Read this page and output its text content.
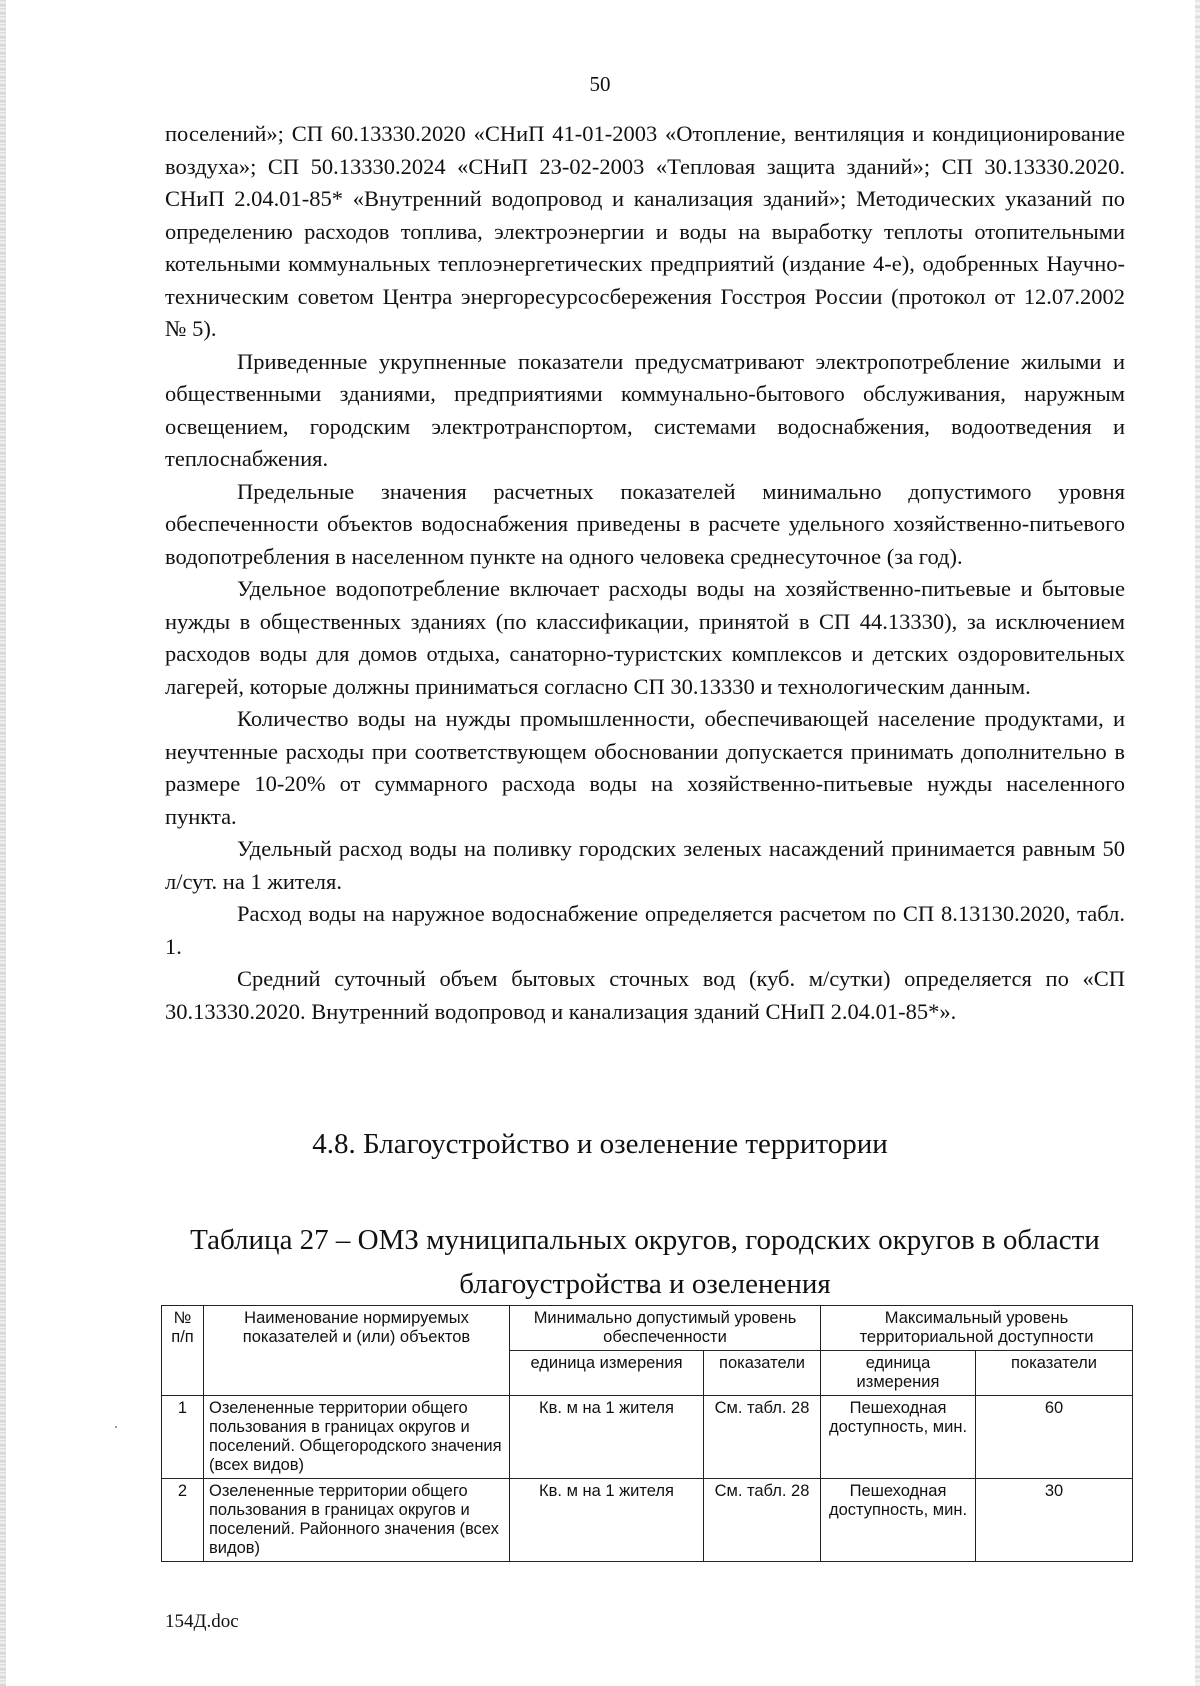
50

поселений»; СП 60.13330.2020 «СНиП 41-01-2003 «Отопление, вентиляция и кондиционирование воздуха»; СП 50.13330.2024 «СНиП 23-02-2003 «Тепловая защита зданий»; СП 30.13330.2020. СНиП 2.04.01-85* «Внутренний водопровод и канализация зданий»; Методических указаний по определению расходов топлива, электроэнергии и воды на выработку теплоты отопительными котельными коммунальных теплоэнергетических предприятий (издание 4-е), одобренных Научно-техническим советом Центра энергоресурсосбережения Госстроя России (протокол от 12.07.2002 № 5).

Приведенные укрупненные показатели предусматривают электропотребление жилыми и общественными зданиями, предприятиями коммунально-бытового обслуживания, наружным освещением, городским электротранспортом, системами водоснабжения, водоотведения и теплоснабжения.

Предельные значения расчетных показателей минимально допустимого уровня обеспеченности объектов водоснабжения приведены в расчете удельного хозяйственно-питьевого водопотребления в населенном пункте на одного человека среднесуточное (за год).

Удельное водопотребление включает расходы воды на хозяйственно-питьевые и бытовые нужды в общественных зданиях (по классификации, принятой в СП 44.13330), за исключением расходов воды для домов отдыха, санаторно-туристских комплексов и детских оздоровительных лагерей, которые должны приниматься согласно СП 30.13330 и технологическим данным.

Количество воды на нужды промышленности, обеспечивающей население продуктами, и неучтенные расходы при соответствующем обосновании допускается принимать дополнительно в размере 10-20% от суммарного расхода воды на хозяйственно-питьевые нужды населенного пункта.

Удельный расход воды на поливку городских зеленых насаждений принимается равным 50 л/сут. на 1 жителя.

Расход воды на наружное водоснабжение определяется расчетом по СП 8.13130.2020, табл. 1.

Средний суточный объем бытовых сточных вод (куб. м/сутки) определяется по «СП 30.13330.2020. Внутренний водопровод и канализация зданий СНиП 2.04.01-85*».

4.8. Благоустройство и озеленение территории
Таблица 27 – ОМЗ муниципальных округов, городских округов в области благоустройства и озеленения
№ п/п	Наименование нормируемых показателей и (или) объектов	Минимально допустимый уровень обеспеченности		Максимальный уровень территориальной доступности	
		единица измерения	показатели	единица измерения	показатели
1	Озелененные территории общего пользования в границах округов и поселений. Общегородского значения (всех видов)	Кв. м на 1 жителя	См. табл. 28	Пешеходная доступность, мин.	60
2	Озелененные территории общего пользования в границах округов и поселений. Районного значения (всех видов)	Кв. м на 1 жителя	См. табл. 28	Пешеходная доступность, мин.	30
154Д.doc
